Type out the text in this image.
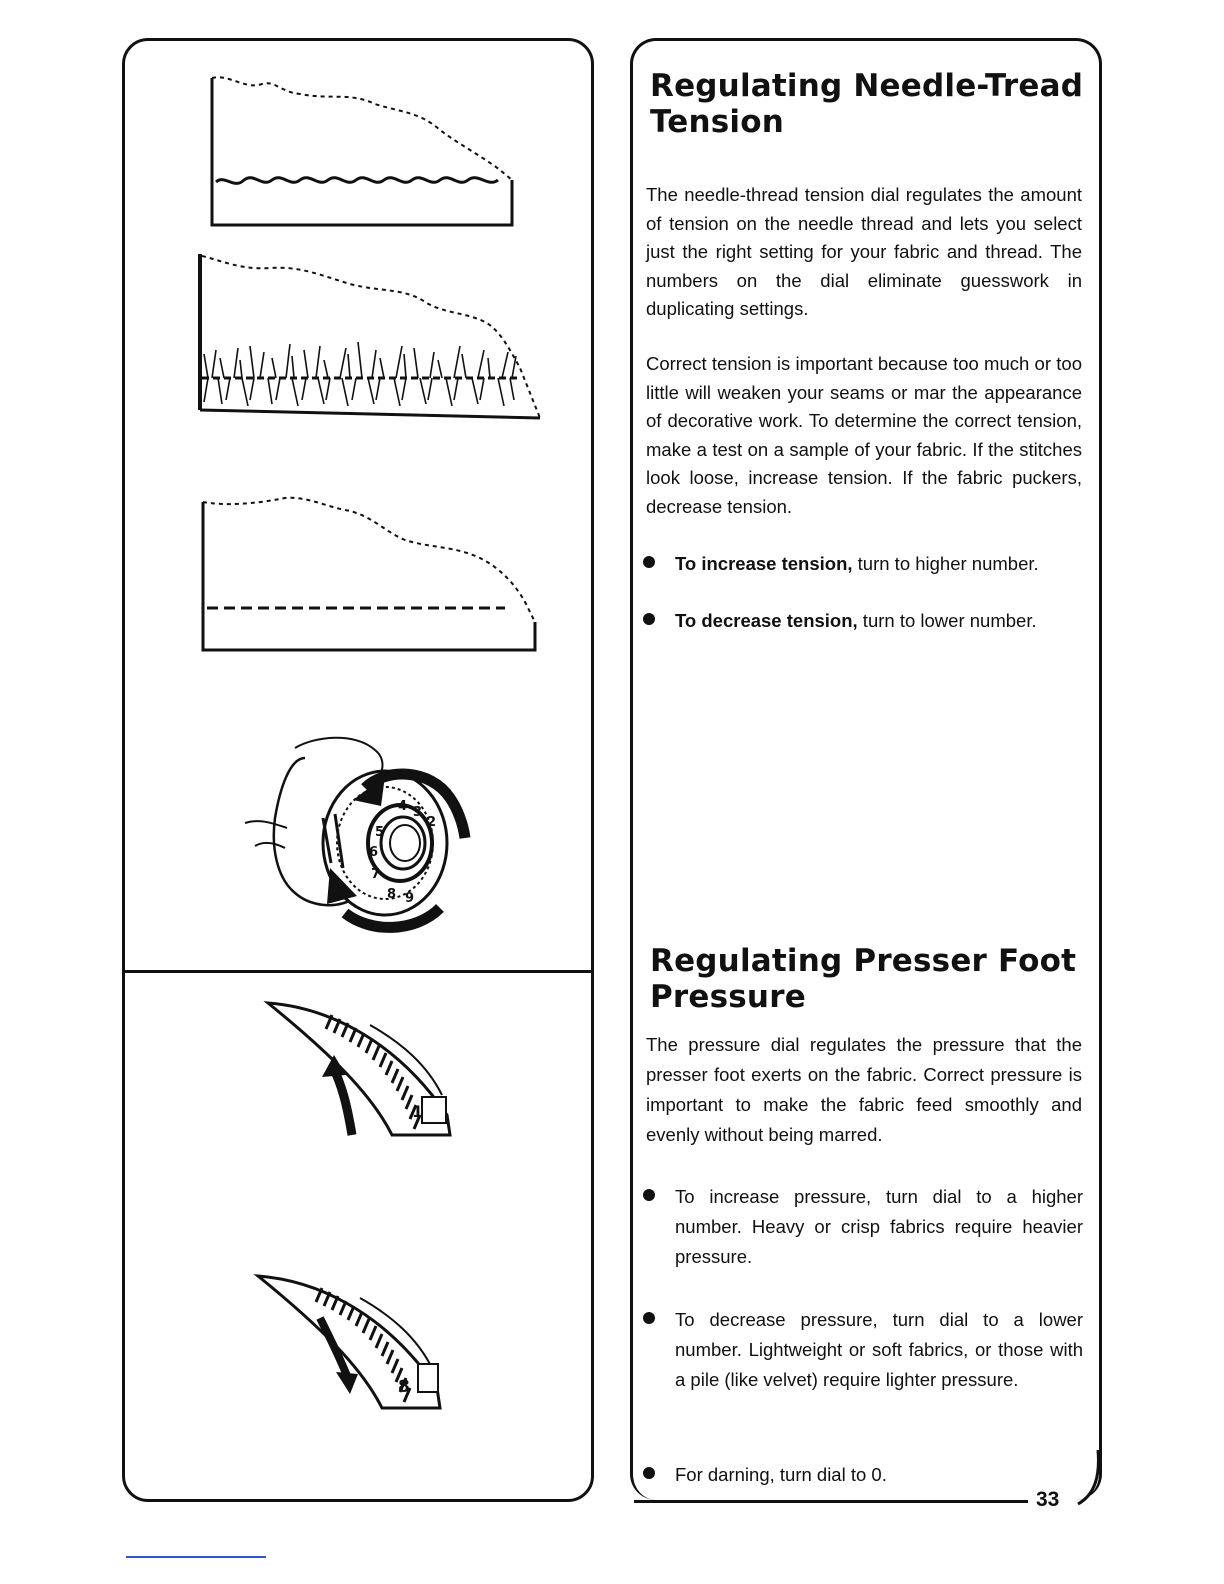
4 3
2
5
6
7
8 9
1
8
Regulating Needle-Tread
Tension
The needle-thread tension dial regulates the amount of tension on the needle thread and lets you select just the right setting for your fabric and thread. The numbers on the dial eliminate guesswork in duplicating settings.
Correct tension is important because too much or too little will weaken your seams or mar the appearance of decorative work. To determine the correct tension, make a test on a sample of your fabric. If the stitches look loose, increase tension. If the fabric puckers, decrease tension.
To increase tension, turn to higher number.
To decrease tension, turn to lower number.
Regulating Presser Foot
Pressure
The pressure dial regulates the pressure that the presser foot exerts on the fabric. Correct pressure is important to make the fabric feed smoothly and evenly without being marred.
To increase pressure, turn dial to a higher number. Heavy or crisp fabrics require heavier pressure.
To decrease pressure, turn dial to a lower number. Lightweight or soft fabrics, or those with a pile (like velvet) require lighter pressure.
For darning, turn dial to 0.
33
